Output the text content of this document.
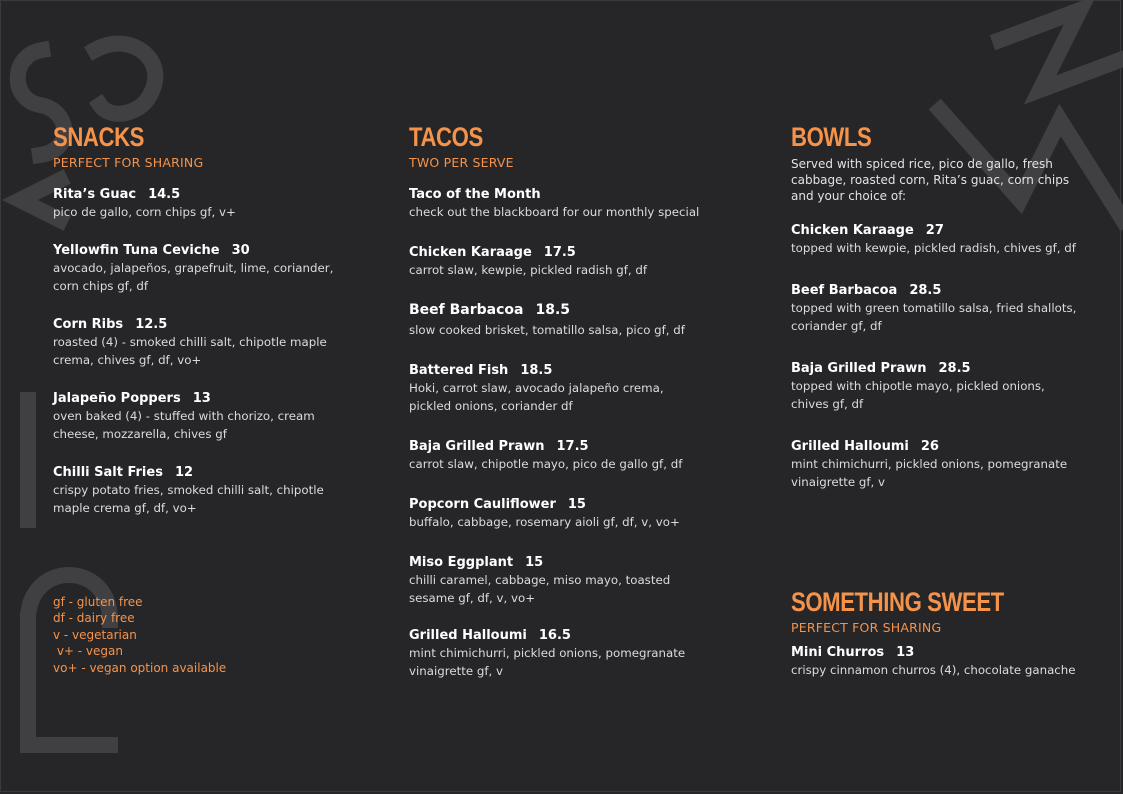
SNACKS
PERFECT FOR SHARING
Rita’s Guac 14.5
pico de gallo, corn chips gf, v+
Yellowfin Tuna Ceviche 30
avocado, jalapeños, grapefruit, lime, coriander, corn chips gf, df
Corn Ribs 12.5
roasted (4) - smoked chilli salt, chipotle maple crema, chives gf, df, vo+
Jalapeño Poppers 13
oven baked (4) - stuffed with chorizo, cream cheese, mozzarella, chives gf
Chilli Salt Fries 12
crispy potato fries, smoked chilli salt, chipotle maple crema gf, df, vo+
gf - gluten free
df - dairy free
v - vegetarian
v+ - vegan
vo+ - vegan option available
TACOS
TWO PER SERVE
Taco of the Month
check out the blackboard for our monthly special
Chicken Karaage 17.5
carrot slaw, kewpie, pickled radish gf, df
Beef Barbacoa 18.5
slow cooked brisket, tomatillo salsa, pico gf, df
Battered Fish 18.5
Hoki, carrot slaw, avocado jalapeño crema, pickled onions, coriander df
Baja Grilled Prawn 17.5
carrot slaw, chipotle mayo, pico de gallo gf, df
Popcorn Cauliflower 15
buffalo, cabbage, rosemary aioli gf, df, v, vo+
Miso Eggplant 15
chilli caramel, cabbage, miso mayo, toasted sesame gf, df, v, vo+
Grilled Halloumi 16.5
mint chimichurri, pickled onions, pomegranate vinaigrette gf, v
BOWLS
Served with spiced rice, pico de gallo, fresh cabbage, roasted corn, Rita’s guac, corn chips and your choice of:
Chicken Karaage 27
topped with kewpie, pickled radish, chives gf, df
Beef Barbacoa 28.5
topped with green tomatillo salsa, fried shallots, coriander gf, df
Baja Grilled Prawn 28.5
topped with chipotle mayo, pickled onions, chives gf, df
Grilled Halloumi 26
mint chimichurri, pickled onions, pomegranate vinaigrette gf, v
SOMETHING SWEET
PERFECT FOR SHARING
Mini Churros 13
crispy cinnamon churros (4), chocolate ganache
